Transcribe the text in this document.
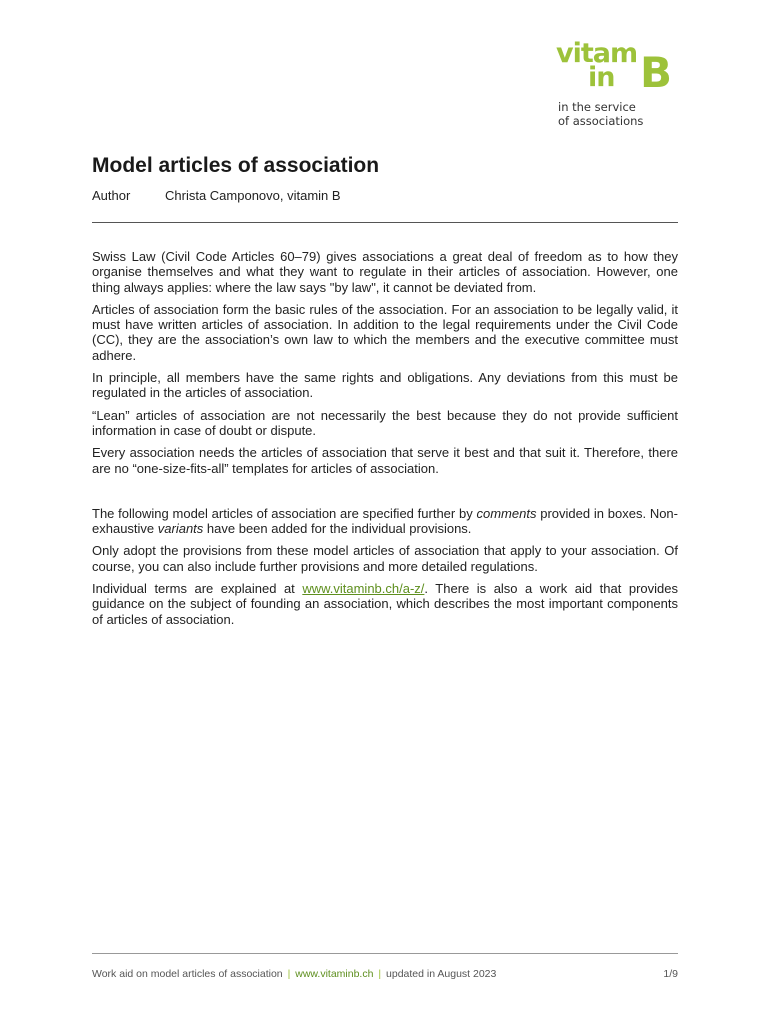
vitam
in B
in the service
of associations
Model articles of association
Author	Christa Camponovo, vitamin B

Swiss Law (Civil Code Articles 60–79) gives associations a great deal of freedom as to how they organise themselves and what they want to regulate in their articles of association. However, one thing always applies: where the law says "by law", it cannot be deviated from.

Articles of association form the basic rules of the association. For an association to be legally valid, it must have written articles of association. In addition to the legal requirements under the Civil Code (CC), they are the association’s own law to which the members and the executive committee must adhere.

In principle, all members have the same rights and obligations. Any deviations from this must be regulated in the articles of association.

“Lean” articles of association are not necessarily the best because they do not provide sufficient information in case of doubt or dispute.

Every association needs the articles of association that serve it best and that suit it. Therefore, there are no “one-size-fits-all” templates for articles of association.

The following model articles of association are specified further by comments provided in boxes. Non-exhaustive variants have been added for the individual provisions.

Only adopt the provisions from these model articles of association that apply to your association. Of course, you can also include further provisions and more detailed regulations.

Individual terms are explained at www.vitaminb.ch/a-z/. There is also a work aid that provides guidance on the subject of founding an association, which describes the most important components of articles of association.

Work aid on model articles of association | www.vitaminb.ch | updated in August 2023	1/9
